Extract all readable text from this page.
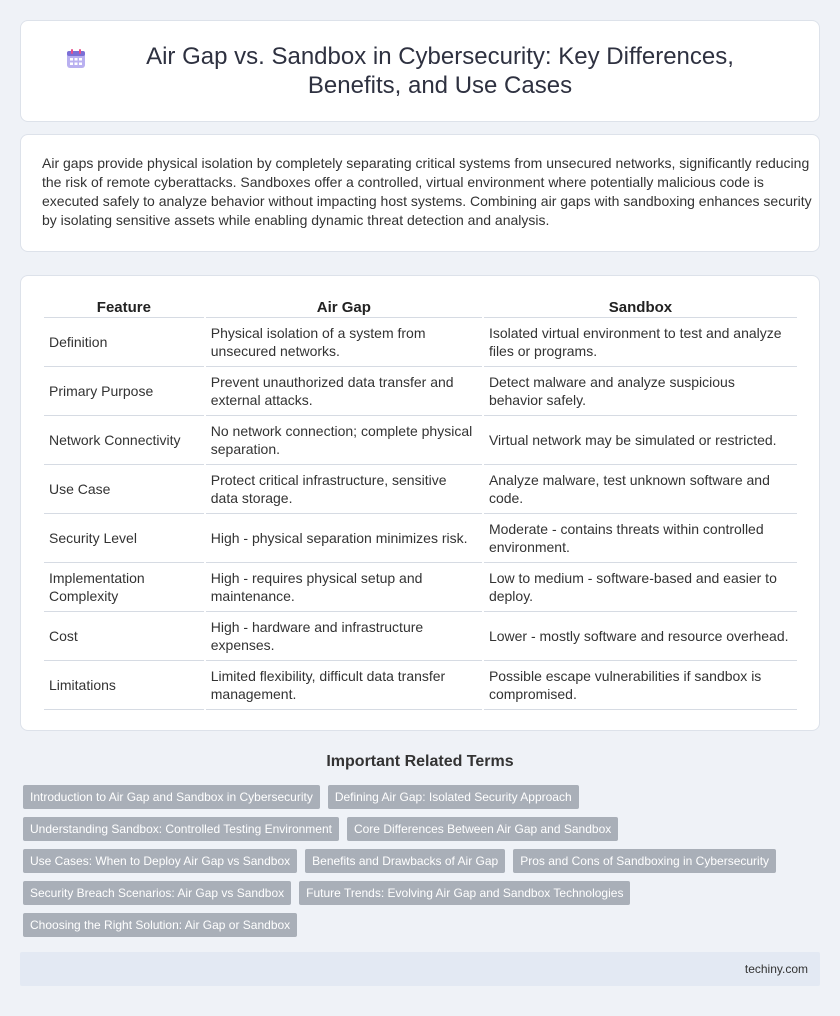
Air Gap vs. Sandbox in Cybersecurity: Key Differences, Benefits, and Use Cases

Air gaps provide physical isolation by completely separating critical systems from unsecured networks, significantly reducing the risk of remote cyberattacks. Sandboxes offer a controlled, virtual environment where potentially malicious code is executed safely to analyze behavior without impacting host systems. Combining air gaps with sandboxing enhances security by isolating sensitive assets while enabling dynamic threat detection and analysis.

Feature	Air Gap	Sandbox
Definition	Physical isolation of a system from unsecured networks.	Isolated virtual environment to test and analyze files or programs.
Primary Purpose	Prevent unauthorized data transfer and external attacks.	Detect malware and analyze suspicious behavior safely.
Network Connectivity	No network connection; complete physical separation.	Virtual network may be simulated or restricted.
Use Case	Protect critical infrastructure, sensitive data storage.	Analyze malware, test unknown software and code.
Security Level	High - physical separation minimizes risk.	Moderate - contains threats within controlled environment.
Implementation Complexity	High - requires physical setup and maintenance.	Low to medium - software-based and easier to deploy.
Cost	High - hardware and infrastructure expenses.	Lower - mostly software and resource overhead.
Limitations	Limited flexibility, difficult data transfer management.	Possible escape vulnerabilities if sandbox is compromised.
Important Related Terms
Introduction to Air Gap and Sandbox in Cybersecurity	Defining Air Gap: Isolated Security Approach
Understanding Sandbox: Controlled Testing Environment	Core Differences Between Air Gap and Sandbox
Use Cases: When to Deploy Air Gap vs Sandbox	Benefits and Drawbacks of Air Gap	Pros and Cons of Sandboxing in Cybersecurity
Security Breach Scenarios: Air Gap vs Sandbox	Future Trends: Evolving Air Gap and Sandbox Technologies
Choosing the Right Solution: Air Gap or Sandbox
techiny.com
